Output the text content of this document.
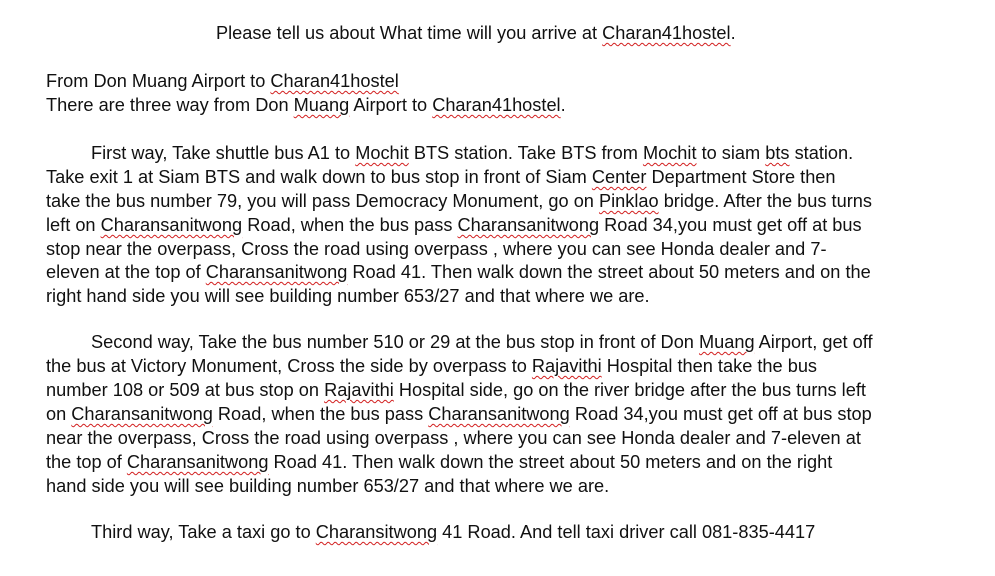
Please tell us about What time will you arrive at Charan41hostel.
From Don Muang Airport to Charan41hostel
There are three way from Don Muang Airport to Charan41hostel.
First way, Take shuttle bus A1 to Mochit BTS station. Take BTS from Mochit to siam bts station.
Take exit 1 at Siam BTS and walk down to bus stop in front of Siam Center Department Store then
take the bus number 79, you will pass Democracy Monument, go on Pinklao bridge. After the bus turns
left on Charansanitwong Road, when the bus pass Charansanitwong Road 34,you must get off at bus
stop near the overpass, Cross the road using overpass , where you can see Honda dealer and 7-
eleven at the top of Charansanitwong Road 41. Then walk down the street about 50 meters and on the
right hand side you will see building number 653/27 and that where we are.
Second way, Take the bus number 510 or 29 at the bus stop in front of Don Muang Airport, get off
the bus at Victory Monument, Cross the side by overpass to Rajavithi Hospital then take the bus
number 108 or 509 at bus stop on Rajavithi Hospital side, go on the river bridge after the bus turns left
on Charansanitwong Road, when the bus pass Charansanitwong Road 34,you must get off at bus stop
near the overpass, Cross the road using overpass , where you can see Honda dealer and 7-eleven at
the top of Charansanitwong Road 41. Then walk down the street about 50 meters and on the right
hand side you will see building number 653/27 and that where we are.
Third way, Take a taxi go to Charansitwong 41 Road. And tell taxi driver call 081-835-4417
